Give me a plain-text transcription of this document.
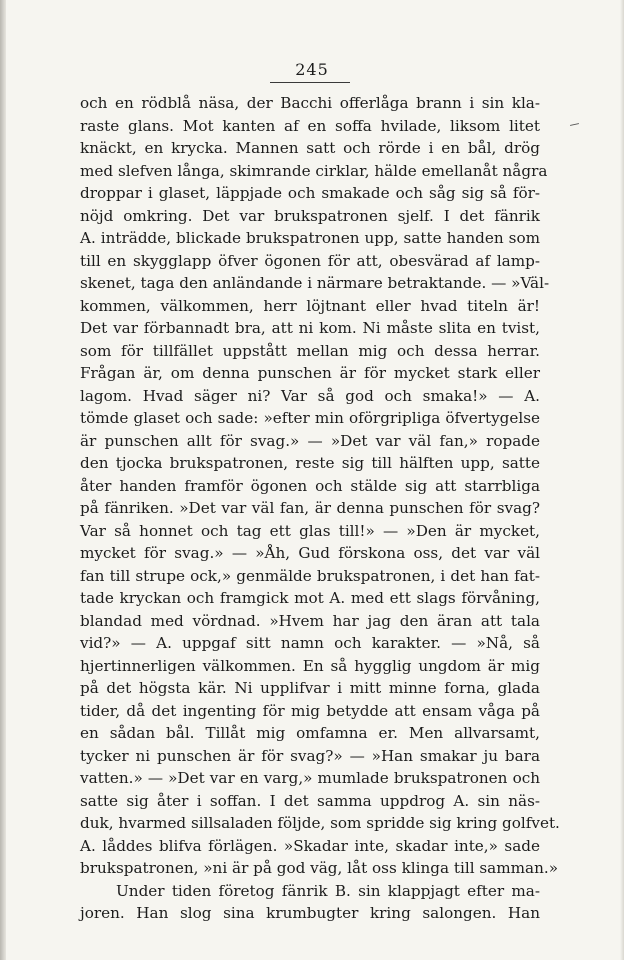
245
och en rödblå näsa, der Bacchi offerlåga brann i sin kla-
raste glans. Mot kanten af en soffa hvilade, liksom litet
knäckt, en krycka. Mannen satt och rörde i en bål, drög
med slefven långa, skimrande cirklar, hälde emellanåt några
droppar i glaset, läppjade och smakade och såg sig så för-
nöjd omkring. Det var brukspatronen sjelf. I det fänrik
A. inträdde, blickade brukspatronen upp, satte handen som
till en skygglapp öfver ögonen för att, obesvärad af lamp-
skenet, taga den anländande i närmare betraktande. — »Väl-
kommen, välkommen, herr löjtnant eller hvad titeln är!
Det var förbannadt bra, att ni kom. Ni måste slita en tvist,
som för tillfället uppstått mellan mig och dessa herrar.
Frågan är, om denna punschen är för mycket stark eller
lagom. Hvad säger ni? Var så god och smaka!» — A.
tömde glaset och sade: »efter min oförgripliga öfvertygelse
är punschen allt för svag.» — »Det var väl fan,» ropade
den tjocka brukspatronen, reste sig till hälften upp, satte
åter handen framför ögonen och stälde sig att starrbliga
på fänriken. »Det var väl fan, är denna punschen för svag?
Var så honnet och tag ett glas till!» — »Den är mycket,
mycket för svag.» — »Åh, Gud förskona oss, det var väl
fan till strupe ock,» genmälde brukspatronen, i det han fat-
tade kryckan och framgick mot A. med ett slags förvåning,
blandad med vördnad. »Hvem har jag den äran att tala
vid?» — A. uppgaf sitt namn och karakter. — »Nå, så
hjertinnerligen välkommen. En så hygglig ungdom är mig
på det högsta kär. Ni upplifvar i mitt minne forna, glada
tider, då det ingenting för mig betydde att ensam våga på
en sådan bål. Tillåt mig omfamna er. Men allvarsamt,
tycker ni punschen är för svag?» — »Han smakar ju bara
vatten.» — »Det var en varg,» mumlade brukspatronen och
satte sig åter i soffan. I det samma uppdrog A. sin näs-
duk, hvarmed sillsaladen följde, som spridde sig kring golfvet.
A. låddes blifva förlägen. »Skadar inte, skadar inte,» sade
brukspatronen, »ni är på god väg, låt oss klinga till samman.»
Under tiden företog fänrik B. sin klappjagt efter ma-
joren. Han slog sina krumbugter kring salongen. Han
